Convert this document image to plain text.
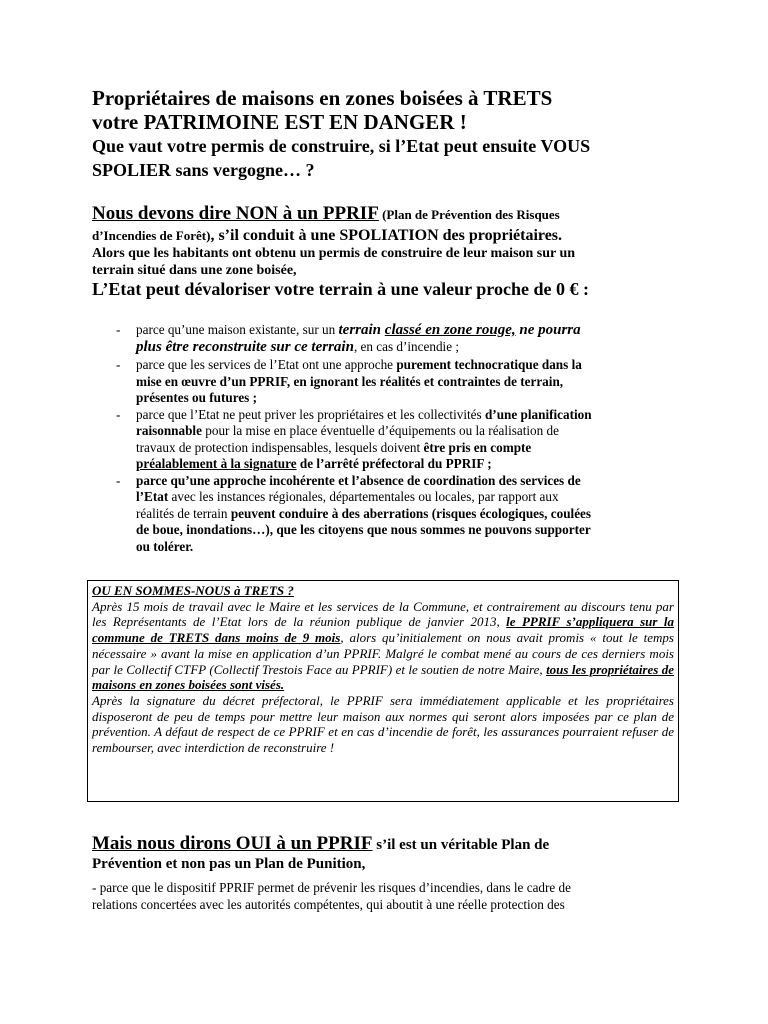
Propriétaires de maisons en zones boisées à TRETS
votre PATRIMOINE EST EN DANGER !
Que vaut votre permis de construire, si l’Etat peut ensuite VOUS
SPOLIER sans vergogne… ?
Nous devons dire NON à un PPRIF (Plan de Prévention des Risques
d’Incendies de Forêt), s’il conduit à une SPOLIATION des propriétaires.
Alors que les habitants ont obtenu un permis de construire de leur maison sur un
terrain situé dans une zone boisée,
L’Etat peut dévaloriser votre terrain à une valeur proche de 0 € :
- parce qu’une maison existante, sur un terrain classé en zone rouge, ne pourra
plus être reconstruite sur ce terrain, en cas d’incendie ;
- parce que les services de l’Etat ont une approche purement technocratique dans la
mise en œuvre d’un PPRIF, en ignorant les réalités et contraintes de terrain,
présentes ou futures ;
- parce que l’Etat ne peut priver les propriétaires et les collectivités d’une planification
raisonnable pour la mise en place éventuelle d’équipements ou la réalisation de
travaux de protection indispensables, lesquels doivent être pris en compte
préalablement à la signature de l’arrêté préfectoral du PPRIF ;
- parce qu’une approche incohérente et l’absence de coordination des services de
l’Etat avec les instances régionales, départementales ou locales, par rapport aux
réalités de terrain peuvent conduire à des aberrations (risques écologiques, coulées
de boue, inondations…), que les citoyens que nous sommes ne pouvons supporter
ou tolérer.

OU EN SOMMES-NOUS à TRETS ?

Après 15 mois de travail avec le Maire et les services de la Commune, et contrairement au discours tenu par les Représentants de l’Etat lors de la réunion publique de janvier 2013, le PPRIF s’appliquera sur la commune de TRETS dans moins de 9 mois, alors qu’initialement on nous avait promis « tout le temps nécessaire » avant la mise en application d’un PPRIF. Malgré le combat mené au cours de ces derniers mois par le Collectif CTFP (Collectif Trestois Face au PPRIF) et le soutien de notre Maire, tous les propriétaires de maisons en zones boisées sont visés.

Après la signature du décret préfectoral, le PPRIF sera immédiatement applicable et les propriétaires disposeront de peu de temps pour mettre leur maison aux normes qui seront alors imposées par ce plan de prévention. A défaut de respect de ce PPRIF et en cas d’incendie de forêt, les assurances pourraient refuser de rembourser, avec interdiction de reconstruire !

Mais nous dirons OUI à un PPRIF s’il est un véritable Plan de
Prévention et non pas un Plan de Punition,
- parce que le dispositif PPRIF permet de prévenir les risques d’incendies, dans le cadre de
relations concertées avec les autorités compétentes, qui aboutit à une réelle protection des
